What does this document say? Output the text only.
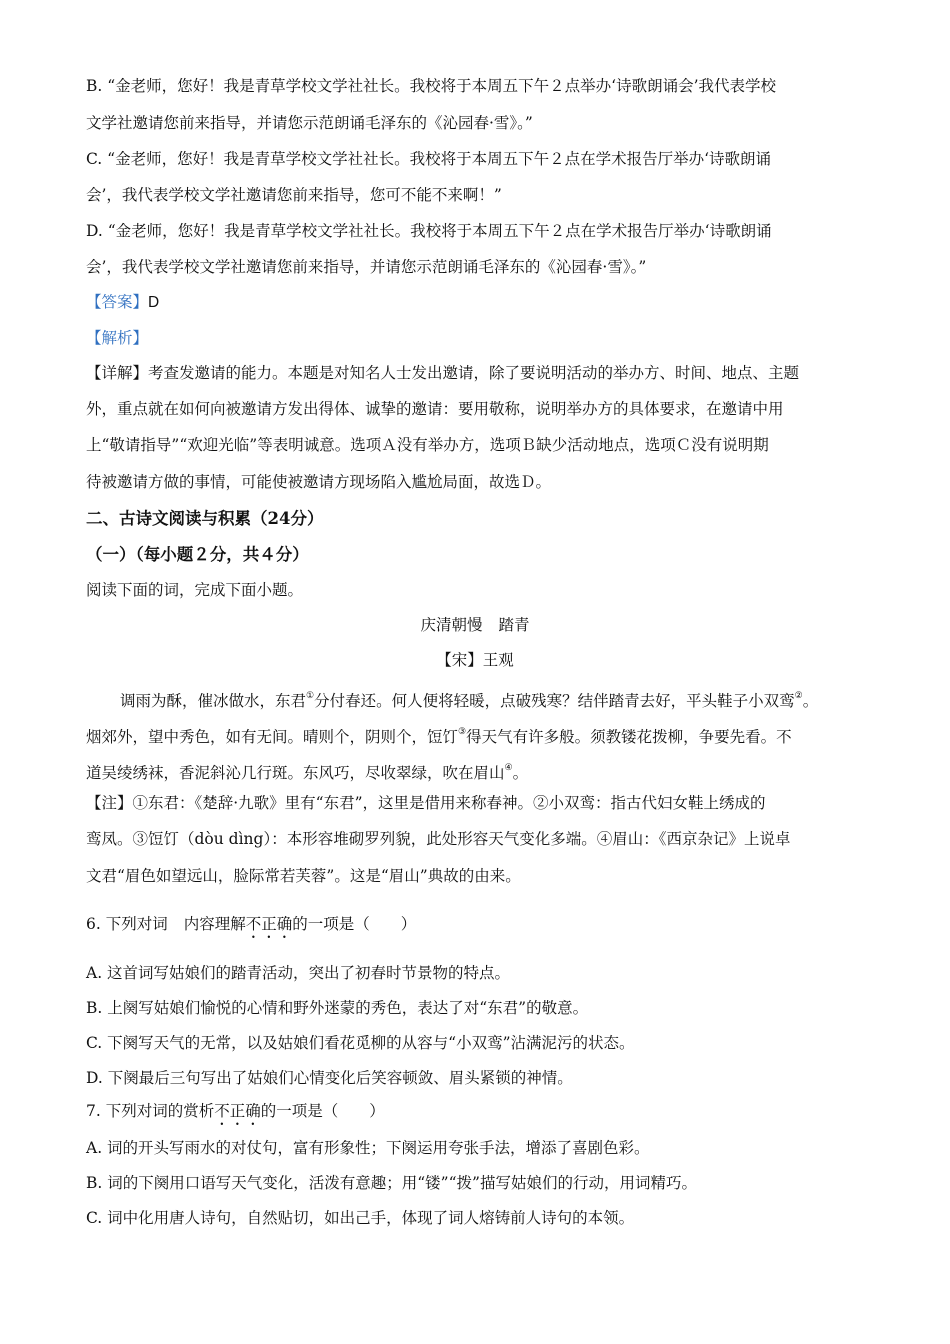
B. “金老师，您好！我是青草学校文学社社长。我校将于本周五下午２点举办‘诗歌朗诵会’我代表学校
文学社邀请您前来指导，并请您示范朗诵毛泽东的《沁园春·雪》。”
C. “金老师，您好！我是青草学校文学社社长。我校将于本周五下午２点在学术报告厅举办‘诗歌朗诵
会’，我代表学校文学社邀请您前来指导，您可不能不来啊！”
D. “金老师，您好！我是青草学校文学社社长。我校将于本周五下午２点在学术报告厅举办‘诗歌朗诵
会’，我代表学校文学社邀请您前来指导，并请您示范朗诵毛泽东的《沁园春·雪》。”
【答案】D
【解析】
【详解】考查发邀请的能力。本题是对知名人士发出邀请，除了要说明活动的举办方、时间、地点、主题
外，重点就在如何向被邀请方发出得体、诚挚的邀请：要用敬称，说明举办方的具体要求，在邀请中用
上“敬请指导”“欢迎光临”等表明诚意。选项Ａ没有举办方，选项Ｂ缺少活动地点，选项Ｃ没有说明期
待被邀请方做的事情，可能使被邀请方现场陷入尴尬局面，故选Ｄ。
二、古诗文阅读与积累（24分）
（一）（每小题２分，共４分）
阅读下面的词，完成下面小题。
庆清朝慢 踏青
【宋】王观
调雨为酥，催冰做水，东君①分付春还。何人便将轻暖，点破残寒？结伴踏青去好，平头鞋子小双鸾②。
烟郊外，望中秀色，如有无间。晴则个，阴则个，饾饤③得天气有许多般。须教镂花拨柳，争要先看。不
道吴绫绣袜，香泥斜沁几行斑。东风巧，尽收翠绿，吹在眉山④。
【注】①东君：《楚辞·九歌》里有“东君”，这里是借用来称春神。②小双鸾：指古代妇女鞋上绣成的
鸾凤。③饾饤（dòu dìng）：本形容堆砌罗列貌，此处形容天气变化多端。④眉山：《西京杂记》上说卓
文君“眉色如望远山，脸际常若芙蓉”。这是“眉山”典故的由来。
6. 下列对词 内容理解不正确的一项是（　　）
A. 这首词写姑娘们的踏青活动，突出了初春时节景物的特点。
B. 上阕写姑娘们愉悦的心情和野外迷蒙的秀色，表达了对“东君”的敬意。
C. 下阕写天气的无常，以及姑娘们看花觅柳的从容与“小双鸾”沾满泥污的状态。
D. 下阕最后三句写出了姑娘们心情变化后笑容顿敛、眉头紧锁的神情。
7. 下列对词的赏析不正确的一项是（　　）
A. 词的开头写雨水的对仗句，富有形象性；下阕运用夸张手法，增添了喜剧色彩。
B. 词的下阕用口语写天气变化，活泼有意趣；用“镂”“拨”描写姑娘们的行动，用词精巧。
C. 词中化用唐人诗句，自然贴切，如出己手，体现了词人熔铸前人诗句的本领。
